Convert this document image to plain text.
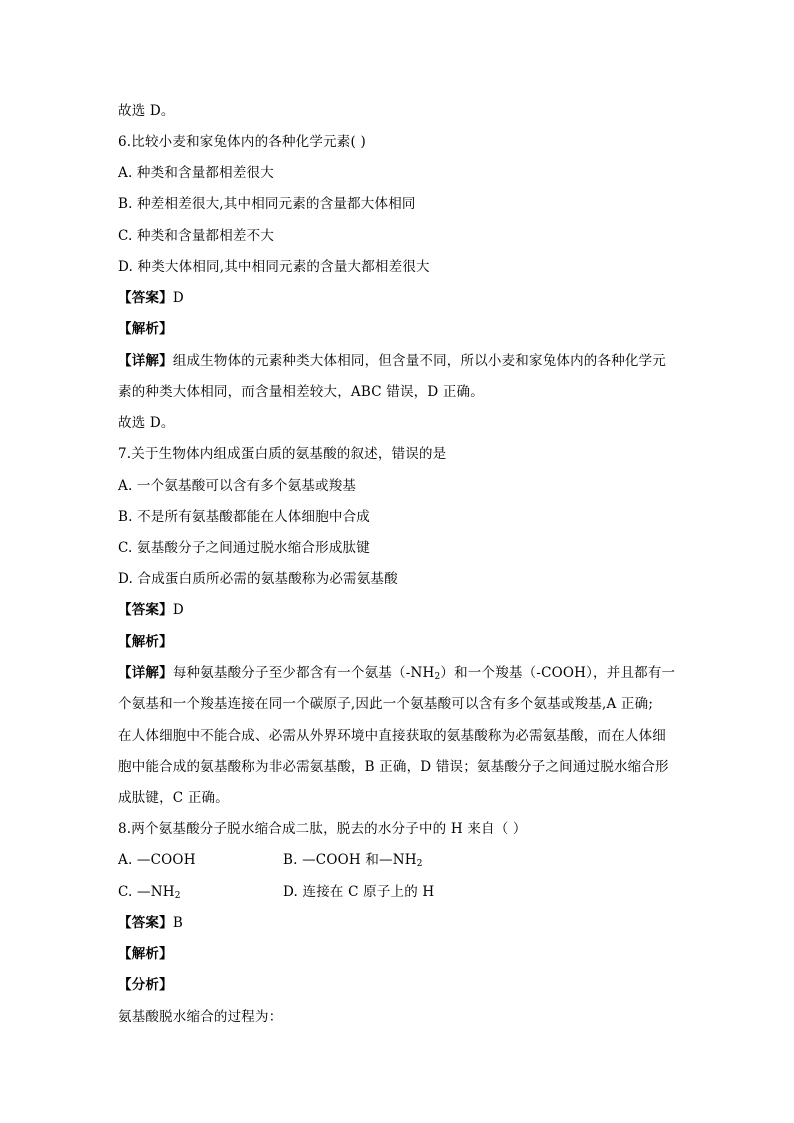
故选 D。
6.比较小麦和家兔体内的各种化学元素( )
A. 种类和含量都相差很大
B. 种差相差很大,其中相同元素的含量都大体相同
C. 种类和含量都相差不大
D. 种类大体相同,其中相同元素的含量大都相差很大
【答案】D
【解析】
【详解】组成生物体的元素种类大体相同，但含量不同，所以小麦和家兔体内的各种化学元
素的种类大体相同，而含量相差较大，ABC 错误，D 正确。
故选 D。
7.关于生物体内组成蛋白质的氨基酸的叙述，错误的是
A. 一个氨基酸可以含有多个氨基或羧基
B. 不是所有氨基酸都能在人体细胞中合成
C. 氨基酸分子之间通过脱水缩合形成肽键
D. 合成蛋白质所必需的氨基酸称为必需氨基酸
【答案】D
【解析】
【详解】每种氨基酸分子至少都含有一个氨基$(-NH_2)$和一个羧基（-COOH），并且都有一
个氨基和一个羧基连接在同一个碳原子,因此一个氨基酸可以含有多个氨基或羧基,A 正确;
在人体细胞中不能合成、必需从外界环境中直接获取的氨基酸称为必需氨基酸，而在人体细
胞中能合成的氨基酸称为非必需氨基酸，B 正确，D 错误；氨基酸分子之间通过脱水缩合形
成肽键，C 正确。
8.两个氨基酸分子脱水缩合成二肽，脱去的水分子中的 H 来自（ ）
A. —COOH	B. —COOH 和$—NH_2$
C. $—NH_2$	D. 连接在 C 原子上的 H
【答案】B
【解析】
【分析】
氨基酸脱水缩合的过程为：
